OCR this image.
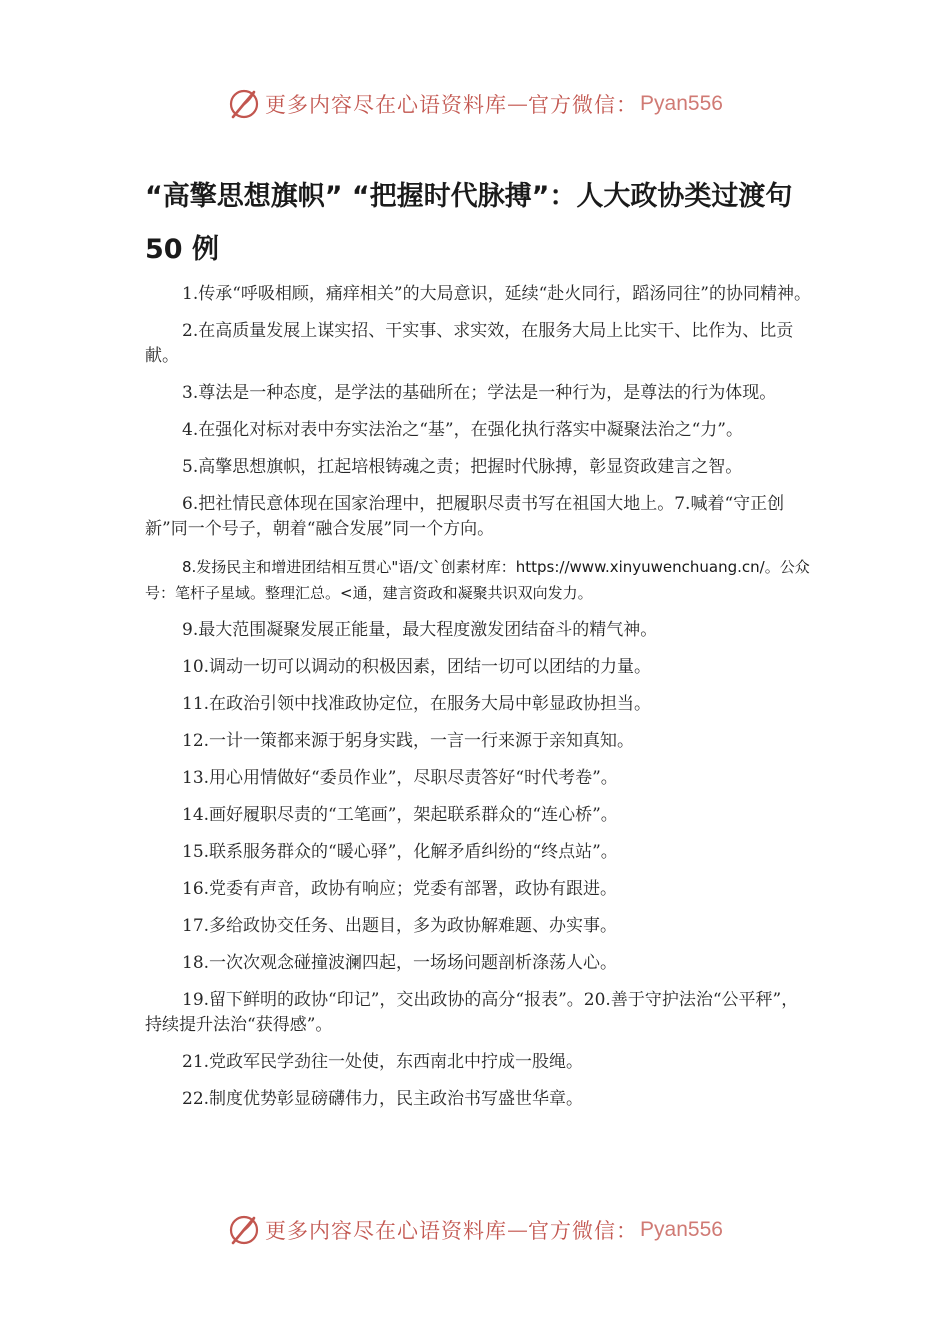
更多内容尽在心语资料库 — 官方微信： Pyan556
“高擎思想旗帜” “把握时代脉搏”：人大政协类过渡句 50 例

1.传承“呼吸相顾，痛痒相关”的大局意识，延续“赴火同行，蹈汤同往”的协同精神。

2.在高质量发展上谋实招、干实事、求实效，在服务大局上比实干、比作为、比贡献。

3.尊法是一种态度，是学法的基础所在；学法是一种行为，是尊法的行为体现。

4.在强化对标对表中夯实法治之“基”，在强化执行落实中凝聚法治之“力”。

5.高擎思想旗帜，扛起培根铸魂之责；把握时代脉搏，彰显资政建言之智。

6.把社情民意体现在国家治理中，把履职尽责书写在祖国大地上。7.喊着“守正创新”同一个号子，朝着“融合发展”同一个方向。

8.发扬民主和增进团结相互贯心"语/文`创素材库：https://www.xinyuwenchuang.cn/。公众号：笔杆子星域。整理汇总。<通，建言资政和凝聚共识双向发力。

9.最大范围凝聚发展正能量，最大程度激发团结奋斗的精气神。

10.调动一切可以调动的积极因素，团结一切可以团结的力量。

11.在政治引领中找准政协定位，在服务大局中彰显政协担当。

12.一计一策都来源于躬身实践，一言一行来源于亲知真知。

13.用心用情做好“委员作业”，尽职尽责答好“时代考卷”。

14.画好履职尽责的“工笔画”，架起联系群众的“连心桥”。

15.联系服务群众的“暖心驿”，化解矛盾纠纷的“终点站”。

16.党委有声音，政协有响应；党委有部署，政协有跟进。

17.多给政协交任务、出题目，多为政协解难题、办实事。

18.一次次观念碰撞波澜四起，一场场问题剖析涤荡人心。

19.留下鲜明的政协“印记”，交出政协的高分“报表”。20.善于守护法治“公平秤”，持续提升法治“获得感”。

21.党政军民学劲往一处使，东西南北中拧成一股绳。

22.制度优势彰显磅礴伟力，民主政治书写盛世华章。

更多内容尽在心语资料库 — 官方微信： Pyan556
